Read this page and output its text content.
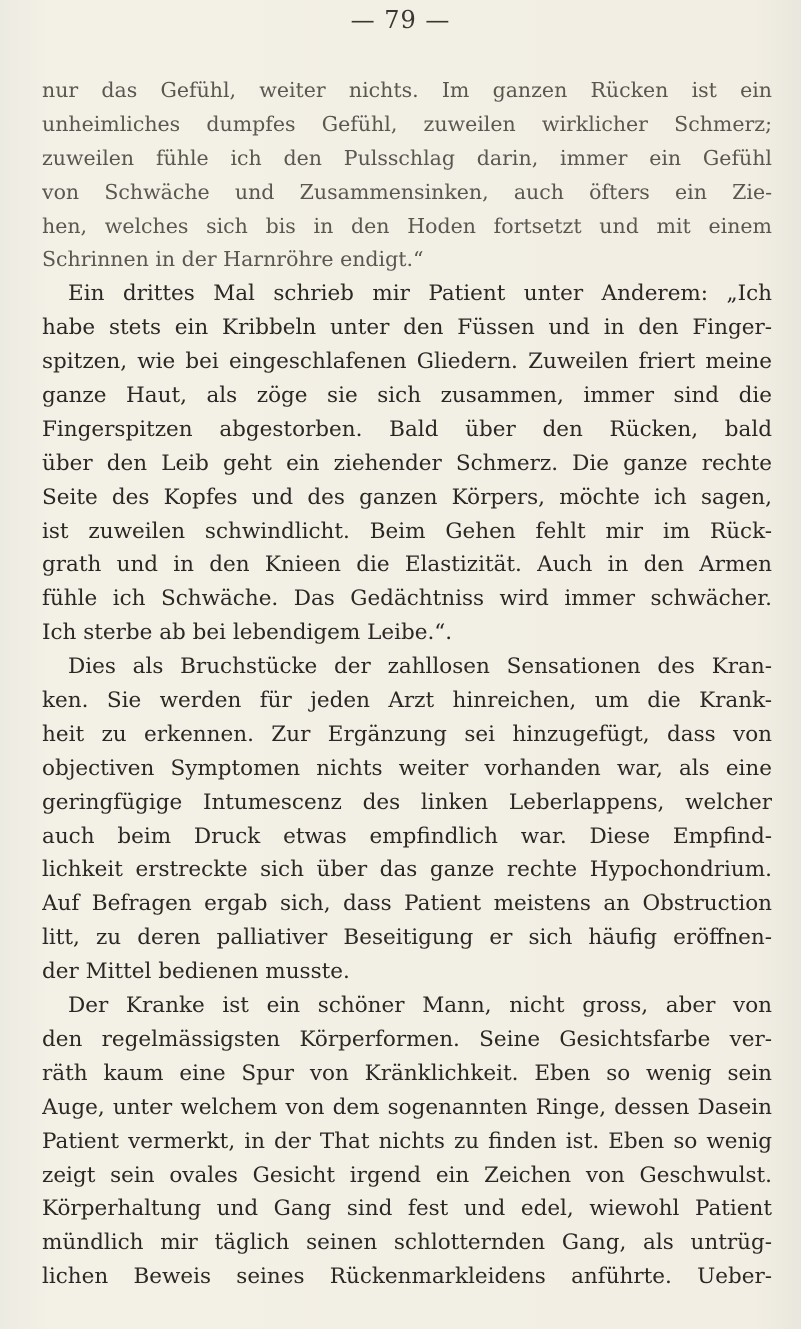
— 79 —
nur das Gefühl, weiter nichts. Im ganzen Rücken ist ein
unheimliches dumpfes Gefühl, zuweilen wirklicher Schmerz;
zuweilen fühle ich den Pulsschlag darin, immer ein Gefühl
von Schwäche und Zusammensinken, auch öfters ein Zie-
hen, welches sich bis in den Hoden fortsetzt und mit einem
Schrinnen in der Harnröhre endigt.“
Ein drittes Mal schrieb mir Patient unter Anderem: „Ich
habe stets ein Kribbeln unter den Füssen und in den Finger-
spitzen, wie bei eingeschlafenen Gliedern. Zuweilen friert meine
ganze Haut, als zöge sie sich zusammen, immer sind die
Fingerspitzen abgestorben. Bald über den Rücken, bald
über den Leib geht ein ziehender Schmerz. Die ganze rechte
Seite des Kopfes und des ganzen Körpers, möchte ich sagen,
ist zuweilen schwindlicht. Beim Gehen fehlt mir im Rück-
grath und in den Knieen die Elastizität. Auch in den Armen
fühle ich Schwäche. Das Gedächtniss wird immer schwächer.
Ich sterbe ab bei lebendigem Leibe.“.
Dies als Bruchstücke der zahllosen Sensationen des Kran-
ken. Sie werden für jeden Arzt hinreichen, um die Krank-
heit zu erkennen. Zur Ergänzung sei hinzugefügt, dass von
objectiven Symptomen nichts weiter vorhanden war, als eine
geringfügige Intumescenz des linken Leberlappens, welcher
auch beim Druck etwas empfindlich war. Diese Empfind-
lichkeit erstreckte sich über das ganze rechte Hypochondrium.
Auf Befragen ergab sich, dass Patient meistens an Obstruction
litt, zu deren palliativer Beseitigung er sich häufig eröffnen-
der Mittel bedienen musste.
Der Kranke ist ein schöner Mann, nicht gross, aber von
den regelmässigsten Körperformen. Seine Gesichtsfarbe ver-
räth kaum eine Spur von Kränklichkeit. Eben so wenig sein
Auge, unter welchem von dem sogenannten Ringe, dessen Dasein
Patient vermerkt, in der That nichts zu finden ist. Eben so wenig
zeigt sein ovales Gesicht irgend ein Zeichen von Geschwulst.
Körperhaltung und Gang sind fest und edel, wiewohl Patient
mündlich mir täglich seinen schlotternden Gang, als untrüg-
lichen Beweis seines Rückenmarkleidens anführte. Ueber-
